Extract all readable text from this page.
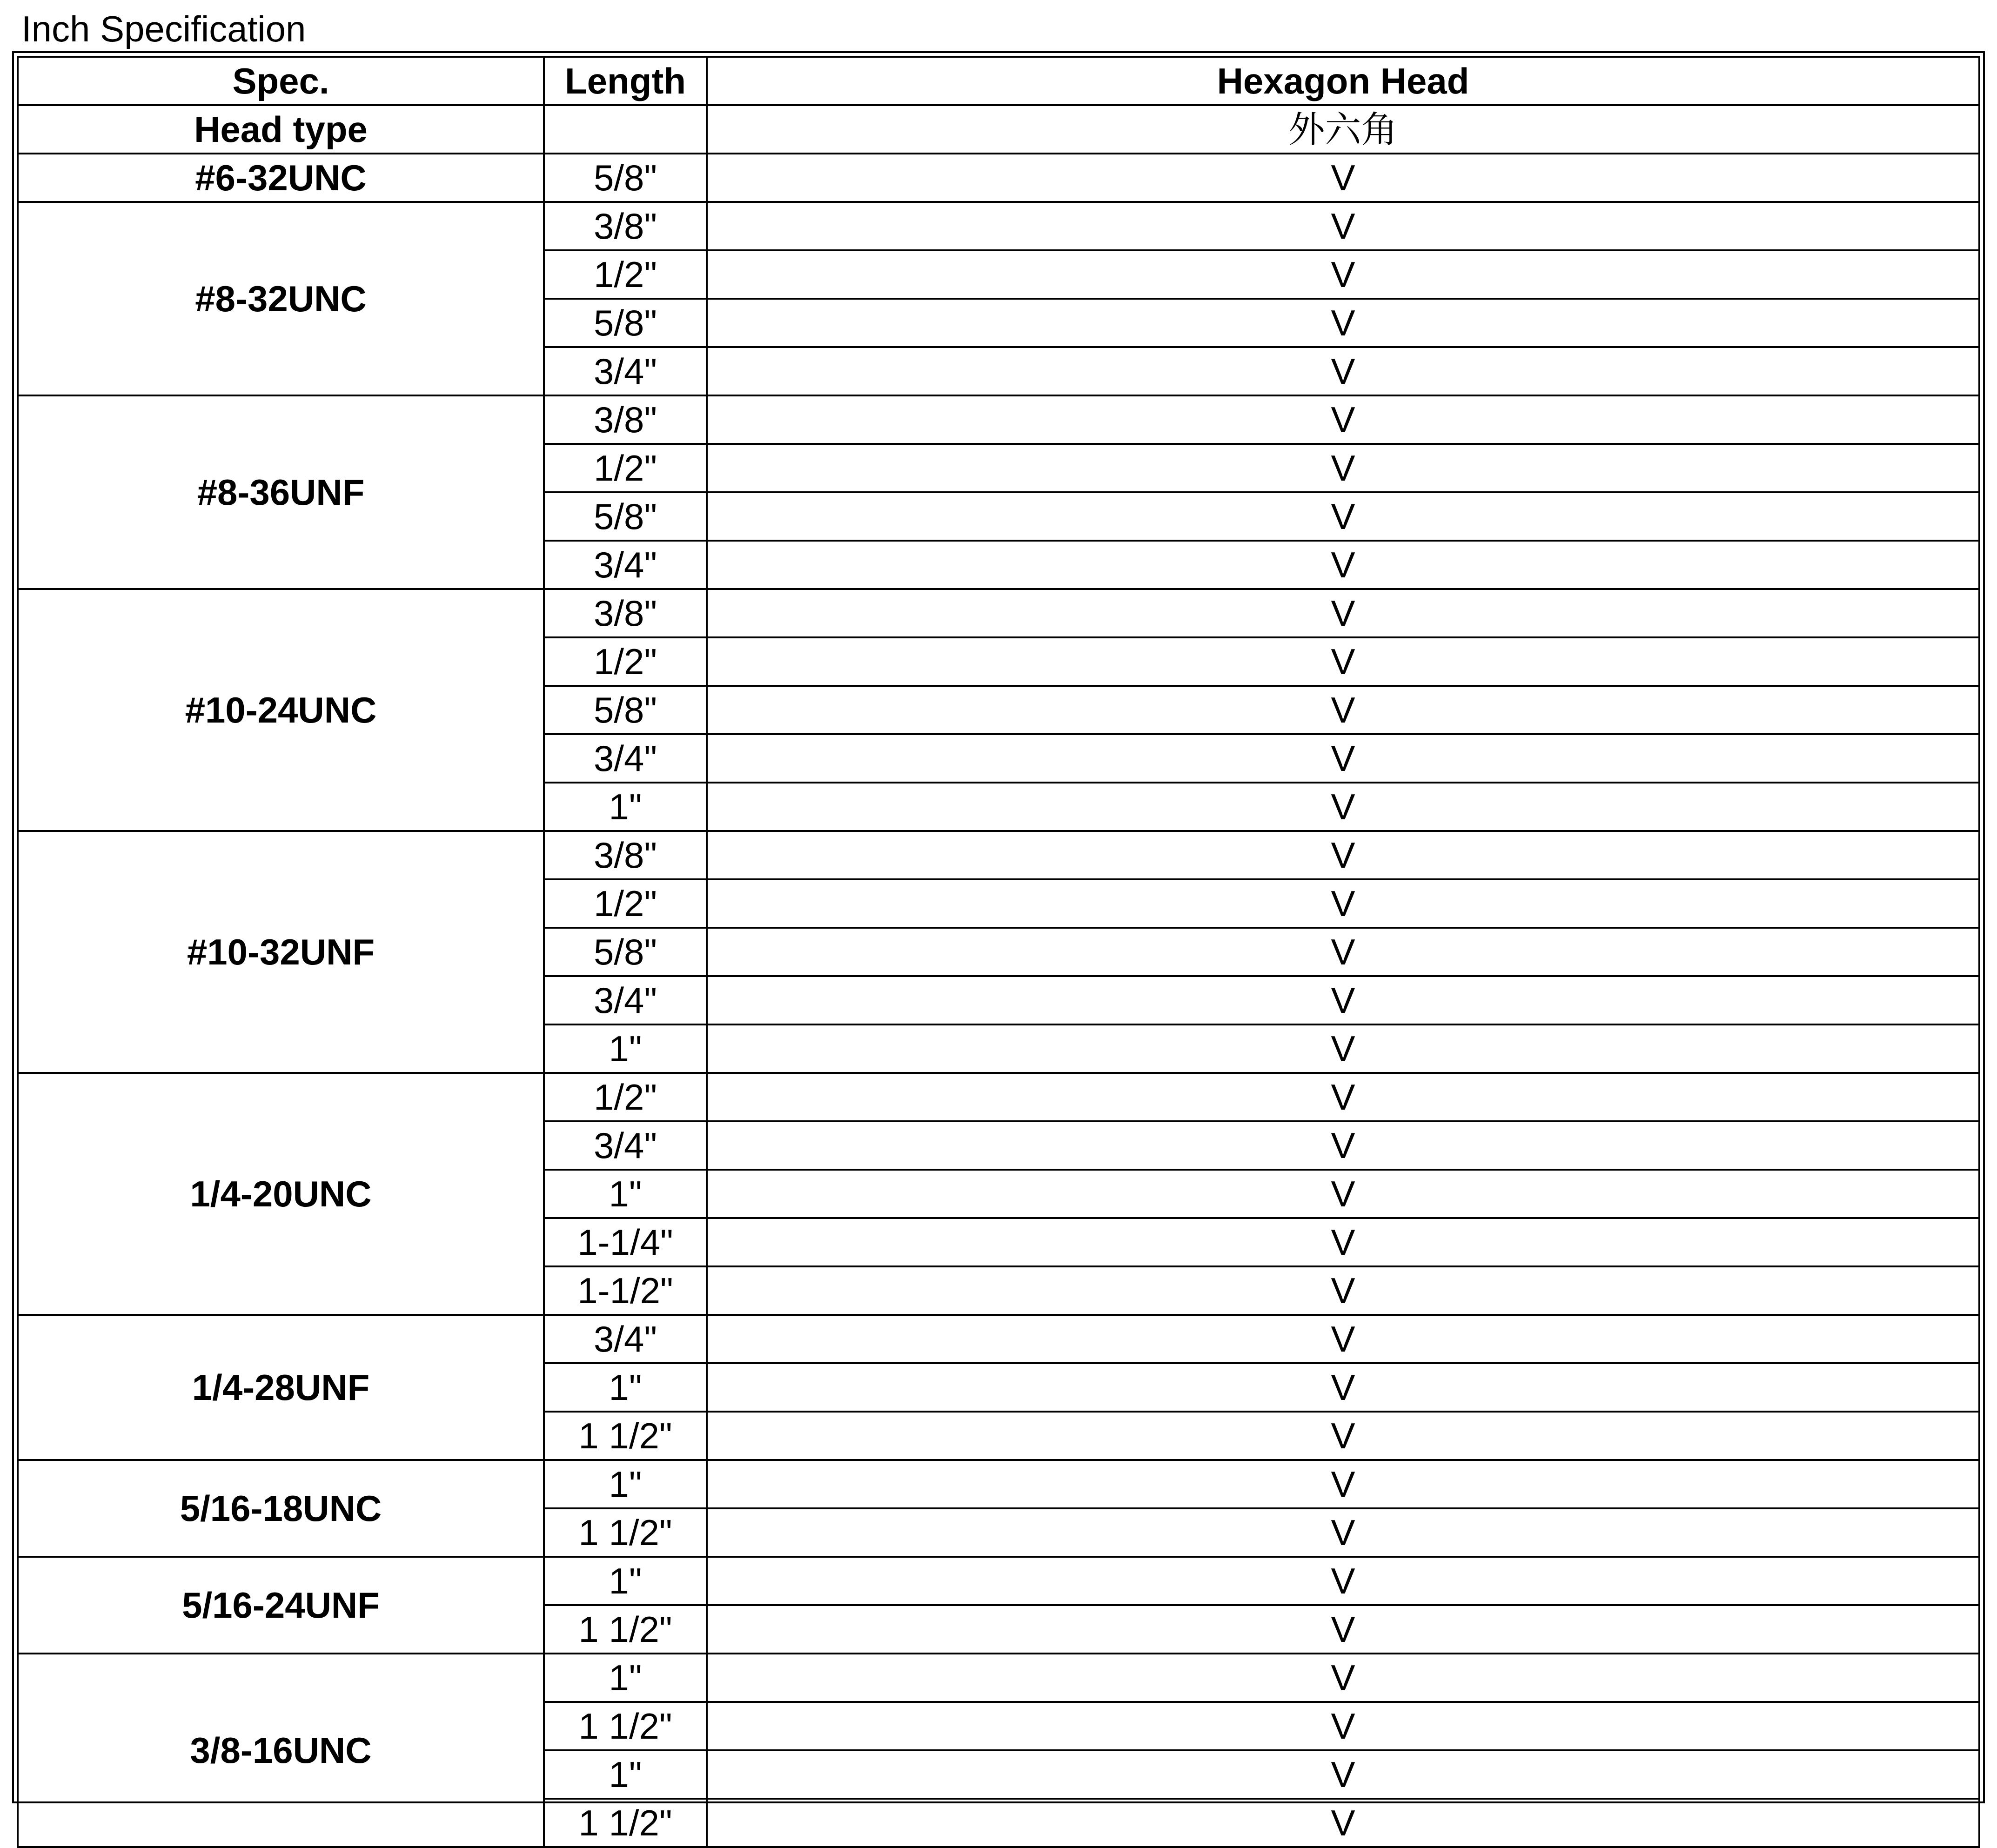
Inch Specification
Spec.	Length	Hexagon Head
Head type		外六角
#6-32UNC	5/8"	V
#8-32UNC	3/8"	V
	1/2"	V
	5/8"	V
	3/4"	V
#8-36UNF	3/8"	V
	1/2"	V
	5/8"	V
	3/4"	V
#10-24UNC	3/8"	V
	1/2"	V
	5/8"	V
	3/4"	V
	1"	V
#10-32UNF	3/8"	V
	1/2"	V
	5/8"	V
	3/4"	V
	1"	V
1/4-20UNC	1/2"	V
	3/4"	V
	1"	V
	1-1/4"	V
	1-1/2"	V
1/4-28UNF	3/4"	V
	1"	V
	1 1/2"	V
5/16-18UNC	1"	V
	1 1/2"	V
5/16-24UNF	1"	V
	1 1/2"	V
3/8-16UNC	1"	V
	1 1/2"	V
	1"	V
	1 1/2"	V
